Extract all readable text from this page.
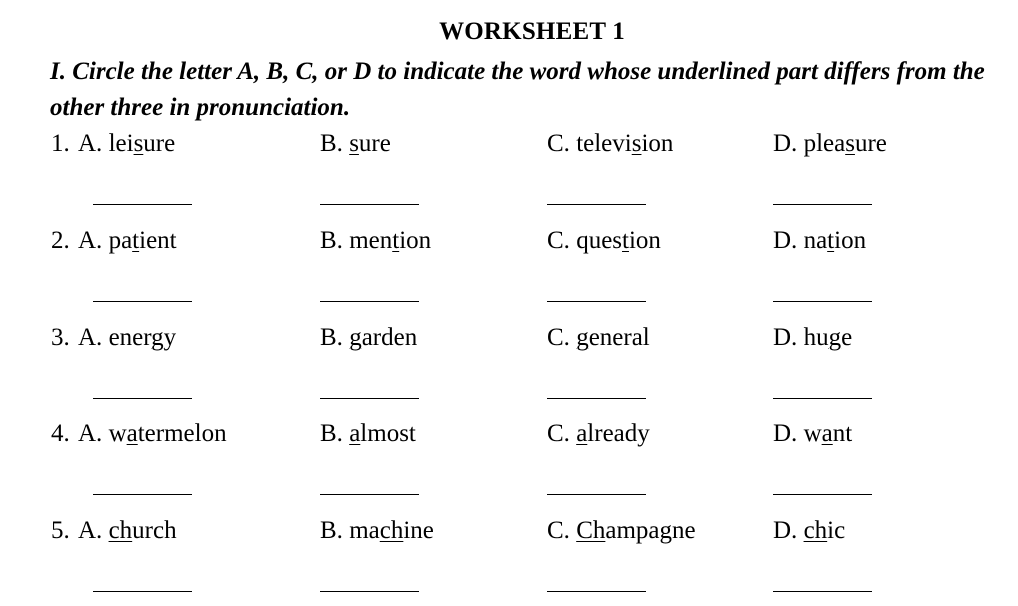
WORKSHEET 1

I. Circle the letter A, B, C, or D to indicate the word whose underlined part differs from the other three in pronunciation.

1. A. leisure	B. sure	C. television	D. pleasure
2. A. patient	B. mention	C. question	D. nation
3. A. energy	B. garden	C. general	D. huge
4. A. watermelon	B. almost	C. already	D. want
5. A. church	B. machine	C. Champagne	D. chic
